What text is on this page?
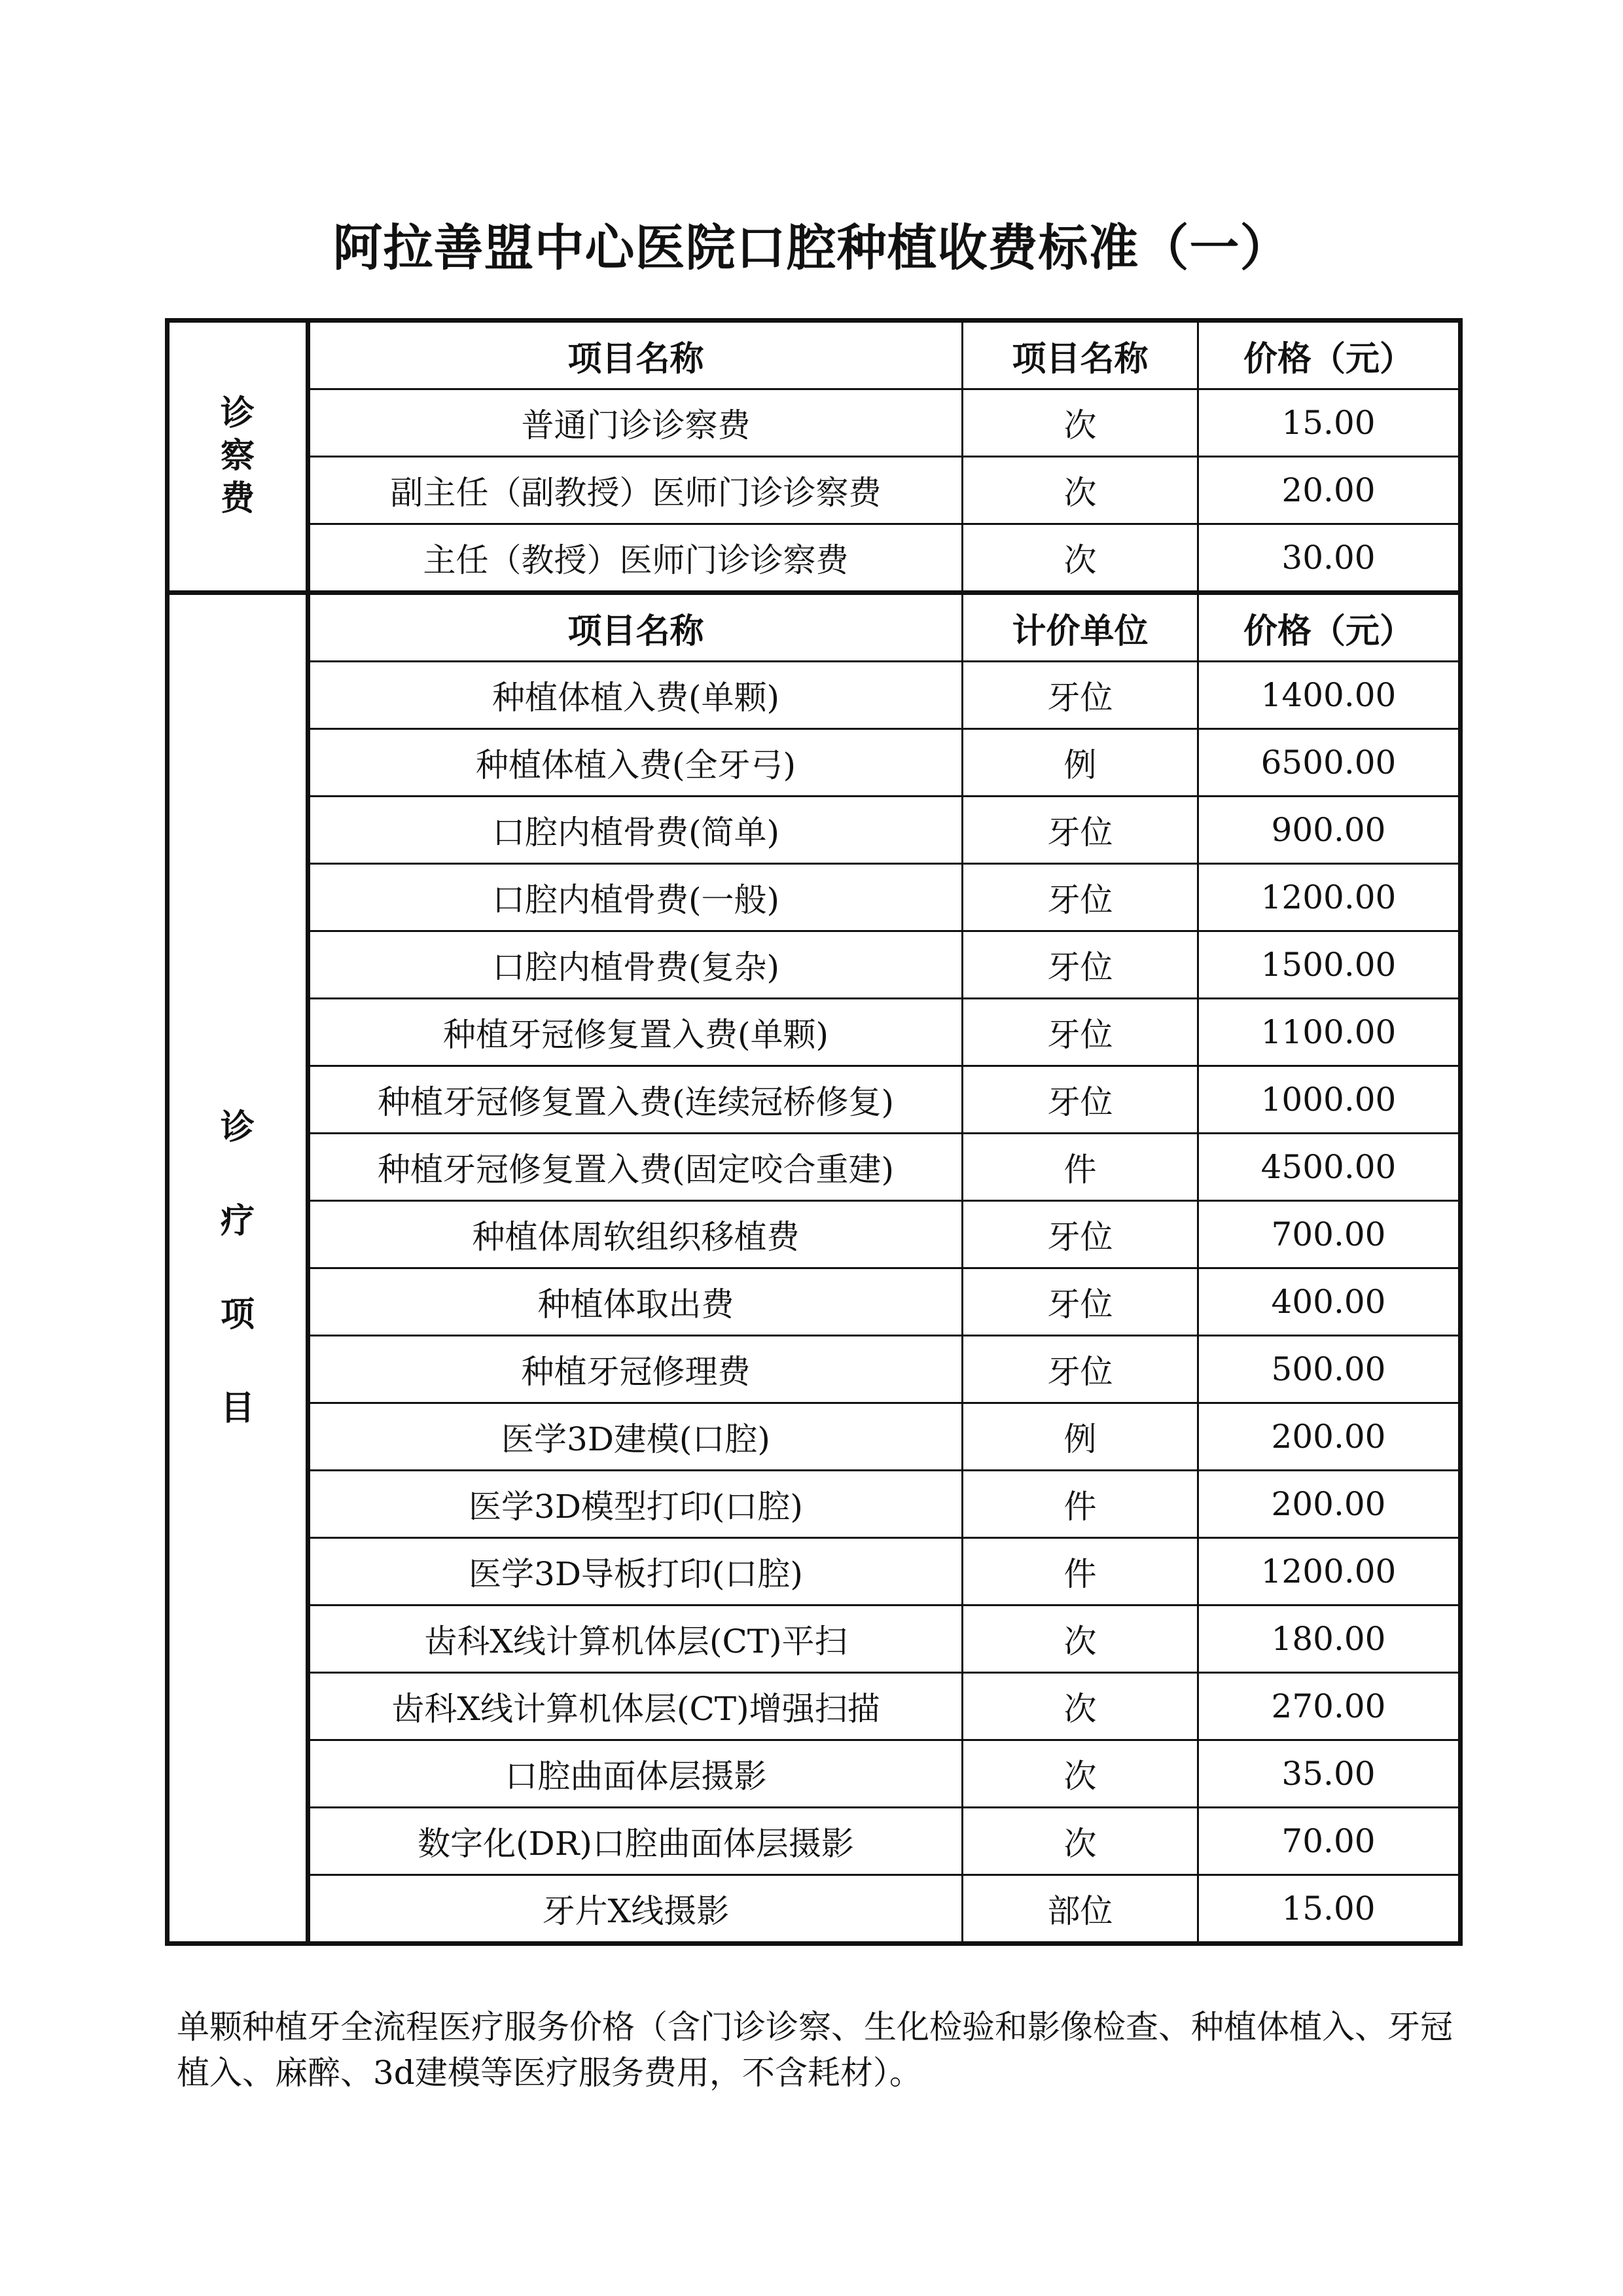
阿拉善盟中心医院口腔种植收费标准（一）
诊
察
费	项目名称	项目名称	价格（元）
	普通门诊诊察费	次	15.00
	副主任（副教授）医师门诊诊察费	次	20.00
	主任（教授）医师门诊诊察费	次	30.00

诊
疗
项
目	项目名称	计价单位	价格（元）
	种植体植入费(单颗)	牙位	1400.00
	种植体植入费(全牙弓)	例	6500.00
	口腔内植骨费(简单)	牙位	900.00
	口腔内植骨费(一般)	牙位	1200.00
	口腔内植骨费(复杂)	牙位	1500.00
	种植牙冠修复置入费(单颗)	牙位	1100.00
	种植牙冠修复置入费(连续冠桥修复)	牙位	1000.00
	种植牙冠修复置入费(固定咬合重建)	件	4500.00
	种植体周软组织移植费	牙位	700.00
	种植体取出费	牙位	400.00
	种植牙冠修理费	牙位	500.00
	医学3D建模(口腔)	例	200.00
	医学3D模型打印(口腔)	件	200.00
	医学3D导板打印(口腔)	件	1200.00
	齿科X线计算机体层(CT)平扫	次	180.00
	齿科X线计算机体层(CT)增强扫描	次	270.00
	口腔曲面体层摄影	次	35.00
	数字化(DR)口腔曲面体层摄影	次	70.00
	牙片X线摄影	部位	15.00
单颗种植牙全流程医疗服务价格（含门诊诊察、生化检验和影像检查、种植体植入、牙冠植入、麻醉、3d建模等医疗服务费用，不含耗材）。
